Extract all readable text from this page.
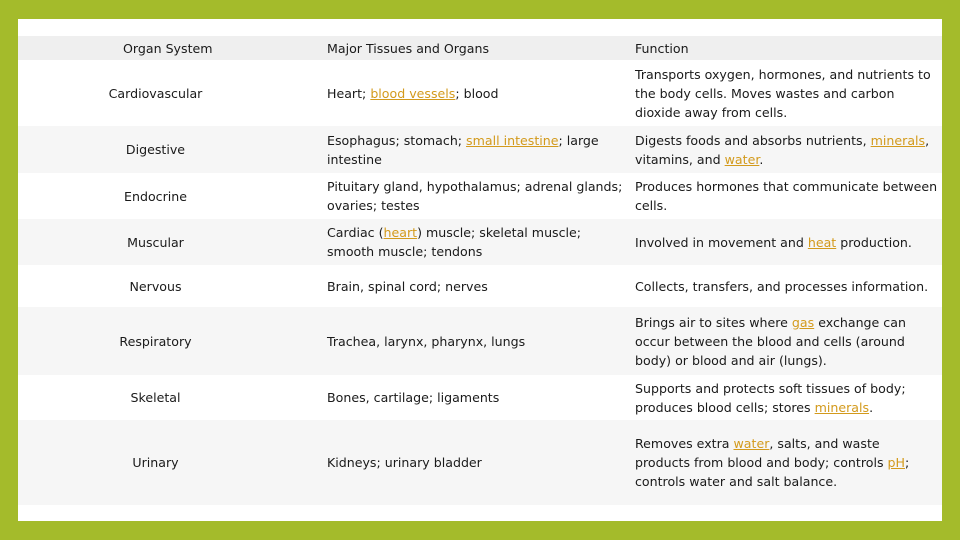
Organ System	Major Tissues and Organs	Function
Cardiovascular	Heart; blood vessels; blood	Transports oxygen, hormones, and nutrients to the body cells. Moves wastes and carbon dioxide away from cells.
Digestive	Esophagus; stomach; small intestine; large intestine	Digests foods and absorbs nutrients, minerals, vitamins, and water.
Endocrine	Pituitary gland, hypothalamus; adrenal glands; ovaries; testes	Produces hormones that communicate between cells.
Muscular	Cardiac (heart) muscle; skeletal muscle; smooth muscle; tendons	Involved in movement and heat production.
Nervous	Brain, spinal cord; nerves	Collects, transfers, and processes information.
Respiratory	Trachea, larynx, pharynx, lungs	Brings air to sites where gas exchange can occur between the blood and cells (around body) or blood and air (lungs).
Skeletal	Bones, cartilage; ligaments	Supports and protects soft tissues of body; produces blood cells; stores minerals.
Urinary	Kidneys; urinary bladder	Removes extra water, salts, and waste products from blood and body; controls pH; controls water and salt balance.
